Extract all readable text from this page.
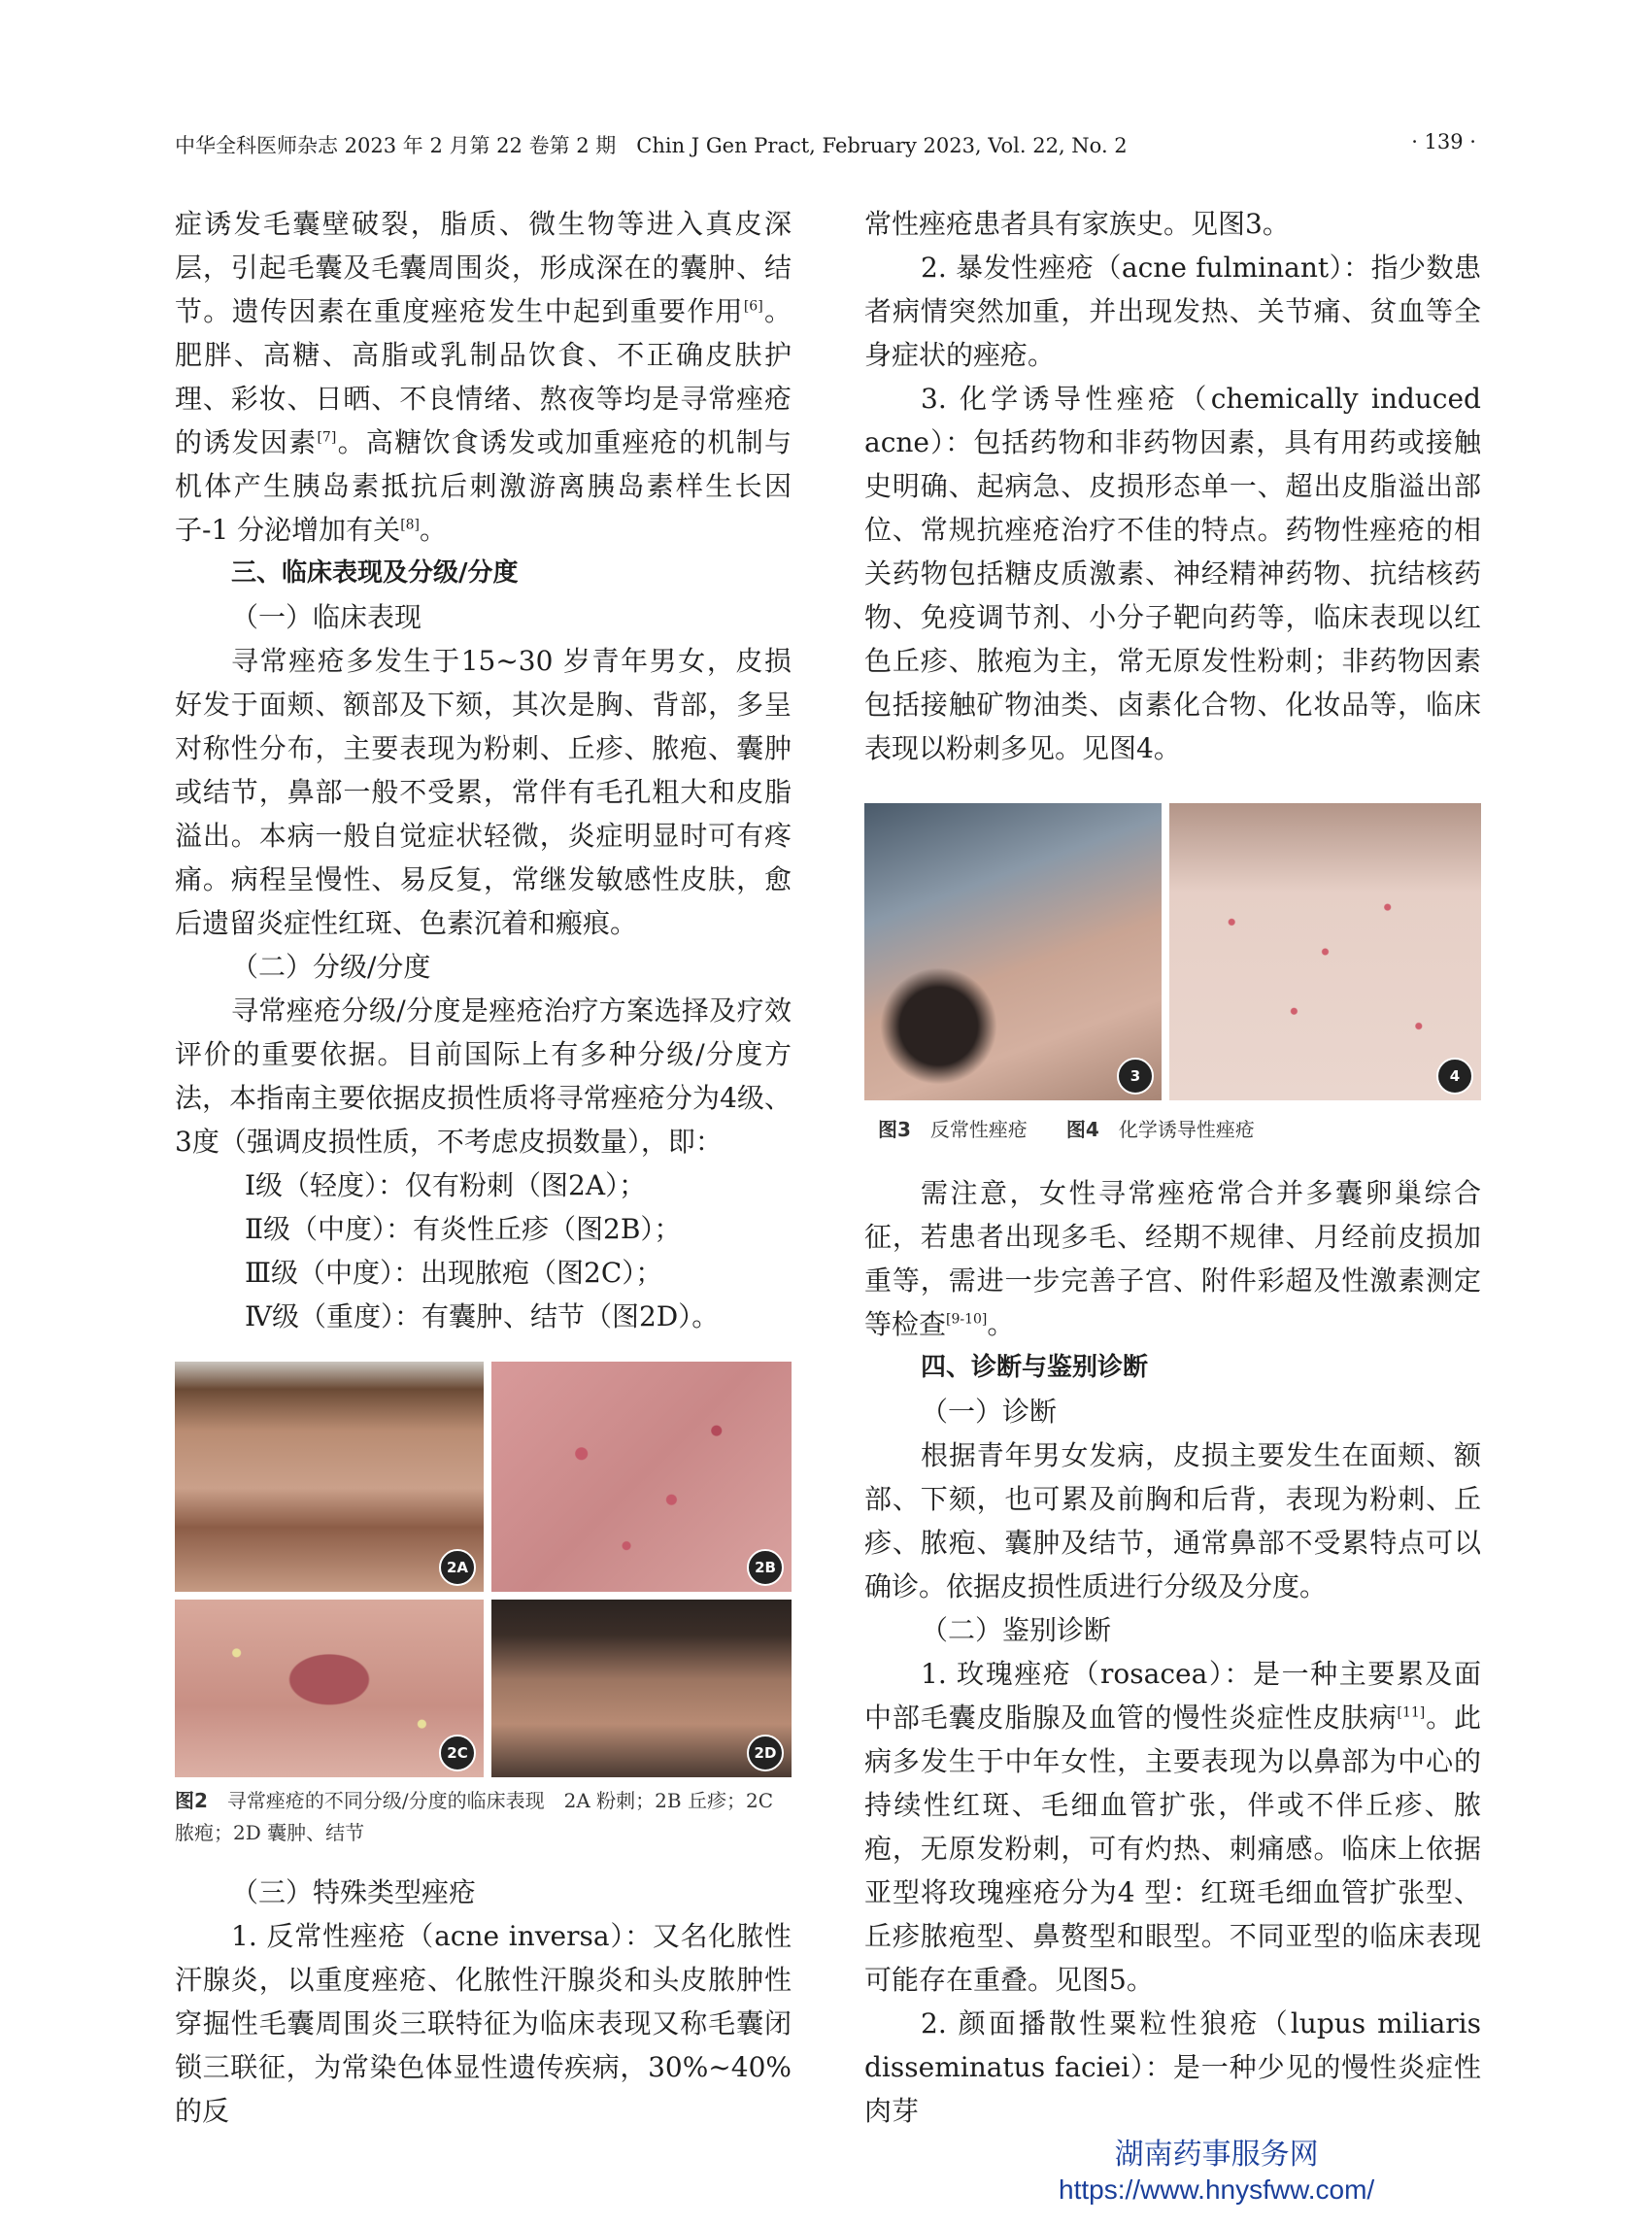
中华全科医师杂志 2023 年 2 月第 22 卷第 2 期　Chin J Gen Pract, February 2023, Vol. 22, No. 2	· 139 ·

症诱发毛囊壁破裂，脂质、微生物等进入真皮深层，引起毛囊及毛囊周围炎，形成深在的囊肿、结节。遗传因素在重度痤疮发生中起到重要作用[6]。肥胖、高糖、高脂或乳制品饮食、不正确皮肤护理、彩妆、日晒、不良情绪、熬夜等均是寻常痤疮的诱发因素[7]。高糖饮食诱发或加重痤疮的机制与机体产生胰岛素抵抗后刺激游离胰岛素样生长因子-1 分泌增加有关[8]。

三、临床表现及分级/分度
（一）临床表现

寻常痤疮多发生于15~30 岁青年男女，皮损好发于面颊、额部及下颏，其次是胸、背部，多呈对称性分布，主要表现为粉刺、丘疹、脓疱、囊肿或结节，鼻部一般不受累，常伴有毛孔粗大和皮脂溢出。本病一般自觉症状轻微，炎症明显时可有疼痛。病程呈慢性、易反复，常继发敏感性皮肤，愈后遗留炎症性红斑、色素沉着和瘢痕。

（二）分级/分度

寻常痤疮分级/分度是痤疮治疗方案选择及疗效评价的重要依据。目前国际上有多种分级/分度方法，本指南主要依据皮损性质将寻常痤疮分为4级、3度（强调皮损性质，不考虑皮损数量），即：

Ⅰ级（轻度）：仅有粉刺（图2A）；
Ⅱ级（中度）：有炎性丘疹（图2B）；
Ⅲ级（中度）：出现脓疱（图2C）；
Ⅳ级（重度）：有囊肿、结节（图2D）。
2A	2B
2C	2D
图2　 寻常痤疮的不同分级/分度的临床表现　2A 粉刺；2B 丘疹；2C 脓疱；2D 囊肿、结节
（三）特殊类型痤疮

1. 反常性痤疮（acne inversa）：又名化脓性汗腺炎，以重度痤疮、化脓性汗腺炎和头皮脓肿性穿掘性毛囊周围炎三联特征为临床表现又称毛囊闭锁三联征，为常染色体显性遗传疾病，30%~40% 的反

常性痤疮患者具有家族史。见图3。

2. 暴发性痤疮（acne fulminant）：指少数患者病情突然加重，并出现发热、关节痛、贫血等全身症状的痤疮。

3. 化学诱导性痤疮（chemically induced acne）：包括药物和非药物因素，具有用药或接触史明确、起病急、皮损形态单一、超出皮脂溢出部位、常规抗痤疮治疗不佳的特点。药物性痤疮的相关药物包括糖皮质激素、神经精神药物、抗结核药物、免疫调节剂、小分子靶向药等，临床表现以红色丘疹、脓疱为主，常无原发性粉刺；非药物因素包括接触矿物油类、卤素化合物、化妆品等，临床表现以粉刺多见。见图4。

3	4
图3　 反常性痤疮　　 图4　 化学诱导性痤疮

需注意，女性寻常痤疮常合并多囊卵巢综合征，若患者出现多毛、经期不规律、月经前皮损加重等，需进一步完善子宫、附件彩超及性激素测定等检查[9-10]。

四、诊断与鉴别诊断
（一）诊断

根据青年男女发病，皮损主要发生在面颊、额部、下颏，也可累及前胸和后背，表现为粉刺、丘疹、脓疱、囊肿及结节，通常鼻部不受累特点可以确诊。依据皮损性质进行分级及分度。

（二）鉴别诊断

1. 玫瑰痤疮（rosacea）：是一种主要累及面中部毛囊皮脂腺及血管的慢性炎症性皮肤病[11]。此病多发生于中年女性，主要表现为以鼻部为中心的持续性红斑、毛细血管扩张，伴或不伴丘疹、脓疱，无原发粉刺，可有灼热、刺痛感。临床上依据亚型将玫瑰痤疮分为4 型：红斑毛细血管扩张型、丘疹脓疱型、鼻赘型和眼型。不同亚型的临床表现可能存在重叠。见图5。

2. 颜面播散性粟粒性狼疮（lupus miliaris disseminatus faciei）：是一种少见的慢性炎症性肉芽

湖南药事服务网
https://www.hnysfww.com/
